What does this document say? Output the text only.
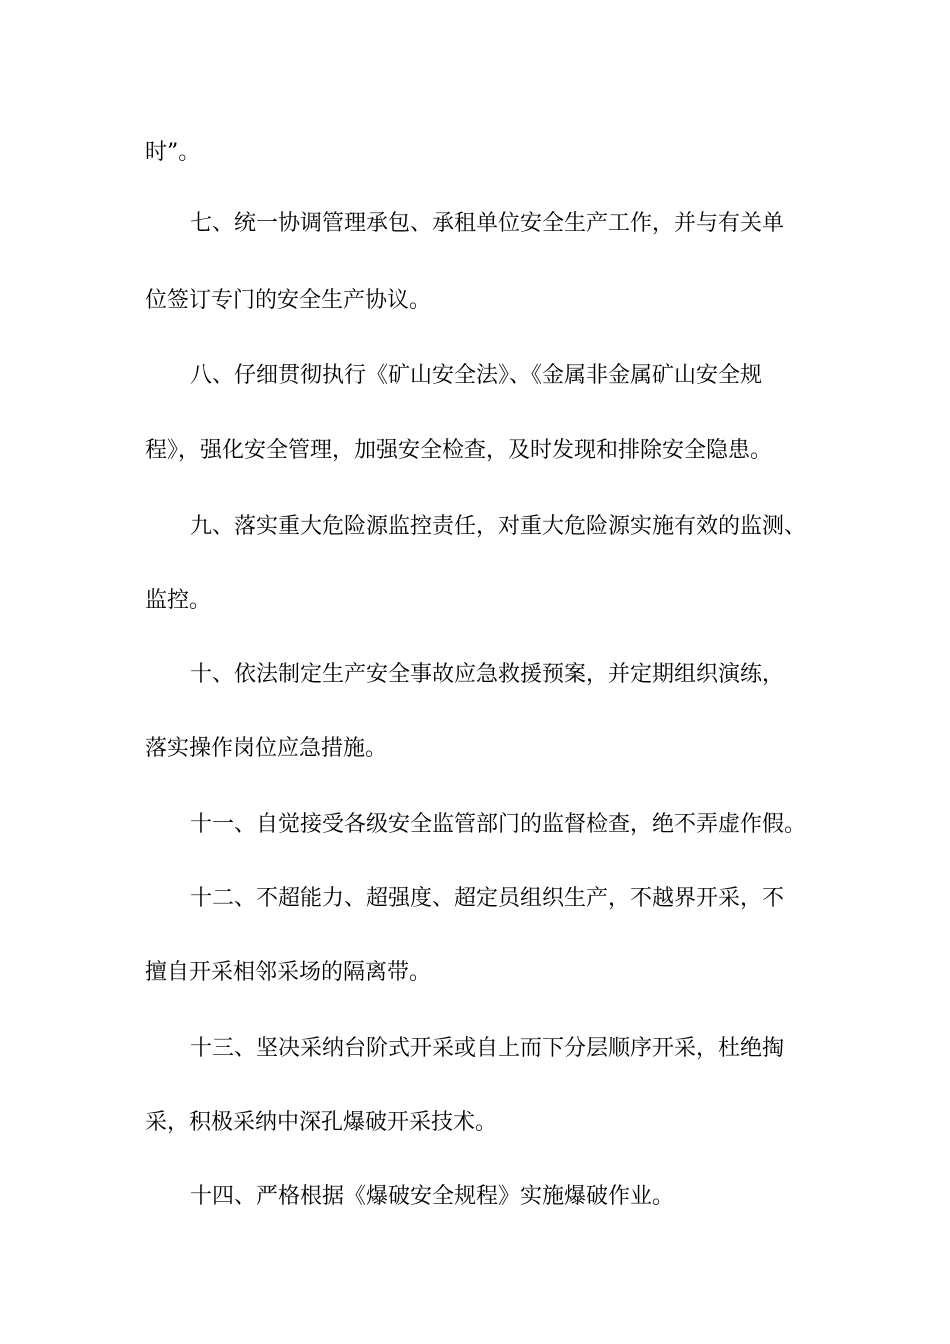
时”。
七、统一协调管理承包、承租单位安全生产工作，并与有关单
位签订专门的安全生产协议。
八、仔细贯彻执行《矿山安全法》、《金属非金属矿山安全规
程》，强化安全管理，加强安全检查，及时发现和排除安全隐患。
九、落实重大危险源监控责任，对重大危险源实施有效的监测、
监控。
十、依法制定生产安全事故应急救援预案，并定期组织演练，
落实操作岗位应急措施。
十一、自觉接受各级安全监管部门的监督检查，绝不弄虚作假。
十二、不超能力、超强度、超定员组织生产，不越界开采，不
擅自开采相邻采场的隔离带。
十三、坚决采纳台阶式开采或自上而下分层顺序开采，杜绝掏
采，积极采纳中深孔爆破开采技术。
十四、严格根据《爆破安全规程》实施爆破作业。
